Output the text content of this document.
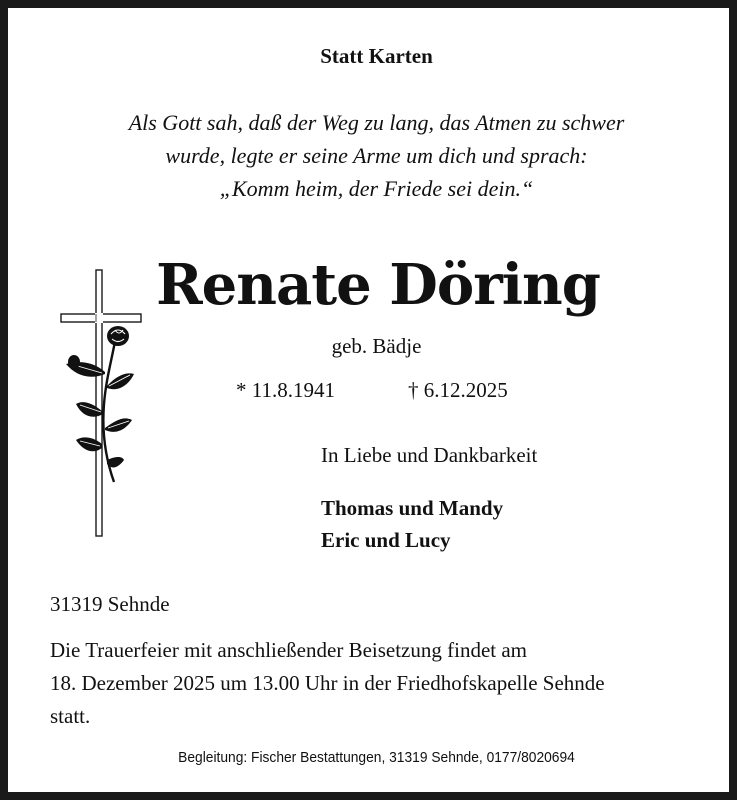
Statt Karten
Als Gott sah, daß der Weg zu lang, das Atmen zu schwer
wurde, legte er seine Arme um dich und sprach:
„Komm heim, der Friede sei dein.“
Renate Döring
geb. Bädje
* 11.8.1941	† 6.12.2025
In Liebe und Dankbarkeit
Thomas und Mandy
Eric und Lucy
31319 Sehnde
Die Trauerfeier mit anschließender Beisetzung findet am
18. Dezember 2025 um 13.00 Uhr in der Friedhofskapelle Sehnde
statt.
Begleitung: Fischer Bestattungen, 31319 Sehnde, 0177/8020694
